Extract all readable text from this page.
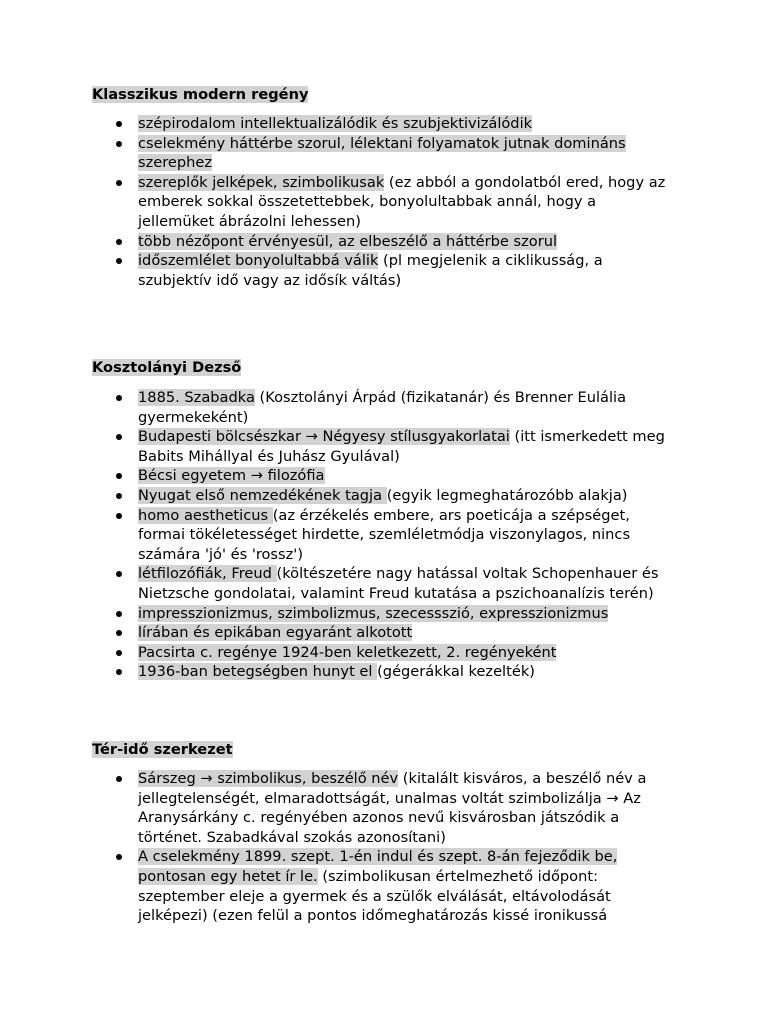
Klasszikus modern regény
szépirodalom intellektualizálódik és szubjektivizálódik
cselekmény háttérbe szorul, lélektani folyamatok jutnak domináns szerephez
szereplők jelképek, szimbolikusak (ez abból a gondolatból ered, hogy az emberek sokkal összetettebbek, bonyolultabbak annál, hogy a jellemüket ábrázolni lehessen)
több nézőpont érvényesül, az elbeszélő a háttérbe szorul
időszemlélet bonyolultabbá válik (pl megjelenik a ciklikusság, a szubjektív idő vagy az idősík váltás)
Kosztolányi Dezső
1885. Szabadka (Kosztolányi Árpád (fizikatanár) és Brenner Eulália gyermekeként)
Budapesti bölcsészkar → Négyesy stílusgyakorlatai (itt ismerkedett meg Babits Mihállyal és Juhász Gyulával)
Bécsi egyetem → filozófia
Nyugat első nemzedékének tagja (egyik legmeghatározóbb alakja)
homo aestheticus (az érzékelés embere, ars poeticája a szépséget, formai tökéletességet hirdette, szemléletmódja viszonylagos, nincs számára 'jó' és 'rossz')
létfilozófiák, Freud (költészetére nagy hatással voltak Schopenhauer és Nietzsche gondolatai, valamint Freud kutatása a pszichoanalízis terén)
impresszionizmus, szimbolizmus, szecessszió, expresszionizmus
lírában és epikában egyaránt alkotott
Pacsirta c. regénye 1924-ben keletkezett, 2. regényeként
1936-ban betegségben hunyt el (gégerákkal kezelték)
Tér-idő szerkezet
Sárszeg → szimbolikus, beszélő név (kitalált kisváros, a beszélő név a jellegtelenségét, elmaradottságát, unalmas voltát szimbolizálja → Az Aranysárkány c. regényében azonos nevű kisvárosban játszódik a történet. Szabadkával szokás azonosítani)
A cselekmény 1899. szept. 1-én indul és szept. 8-án fejeződik be, pontosan egy hetet ír le. (szimbolikusan értelmezhető időpont: szeptember eleje a gyermek és a szülők elválását, eltávolodását jelképezi) (ezen felül a pontos időmeghatározás kissé ironikussá
